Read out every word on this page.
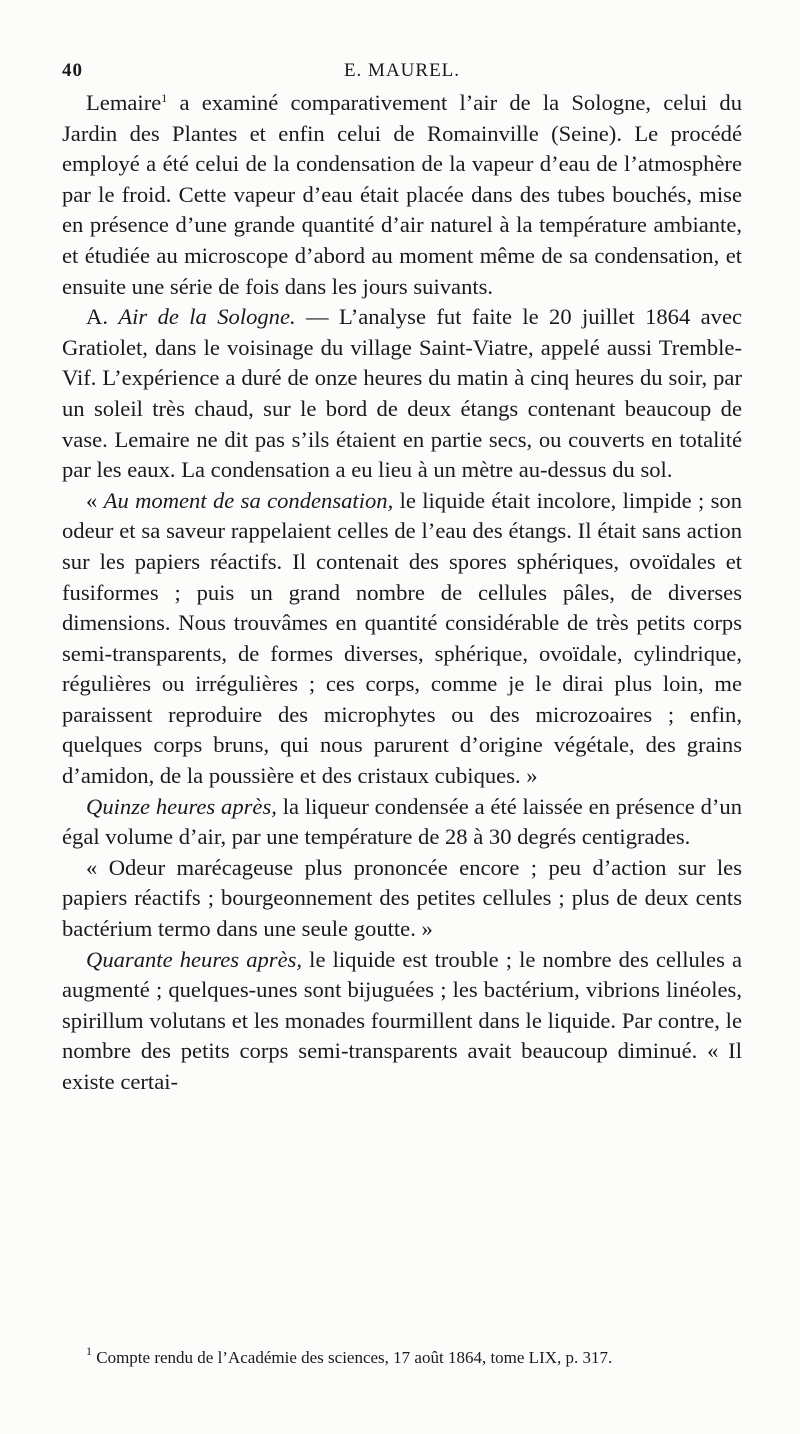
40	E. MAUREL.

Lemaire$^1$ a examiné comparativement l’air de la Sologne, celui du Jardin des Plantes et enfin celui de Romainville (Seine). Le procédé employé a été celui de la condensation de la vapeur d’eau de l’atmosphère par le froid. Cette vapeur d’eau était placée dans des tubes bouchés, mise en présence d’une grande quantité d’air naturel à la température ambiante, et étudiée au microscope d’abord au moment même de sa condensation, et ensuite une série de fois dans les jours suivants.

A. Air de la Sologne. — L’analyse fut faite le 20 juillet 1864 avec Gratiolet, dans le voisinage du village Saint-Viatre, appelé aussi Tremble-Vif. L’expérience a duré de onze heures du matin à cinq heures du soir, par un soleil très chaud, sur le bord de deux étangs contenant beaucoup de vase. Lemaire ne dit pas s’ils étaient en partie secs, ou couverts en totalité par les eaux. La condensation a eu lieu à un mètre au-dessus du sol.

« Au moment de sa condensation, le liquide était incolore, limpide ; son odeur et sa saveur rappelaient celles de l’eau des étangs. Il était sans action sur les papiers réactifs. Il contenait des spores sphériques, ovoïdales et fusiformes ; puis un grand nombre de cellules pâles, de diverses dimensions. Nous trouvâmes en quantité considérable de très petits corps semi-transparents, de formes diverses, sphérique, ovoïdale, cylindrique, régulières ou irrégulières ; ces corps, comme je le dirai plus loin, me paraissent reproduire des microphytes ou des microzoaires ; enfin, quelques corps bruns, qui nous parurent d’origine végétale, des grains d’amidon, de la poussière et des cristaux cubiques. »

Quinze heures après, la liqueur condensée a été laissée en présence d’un égal volume d’air, par une température de 28 à 30 degrés centigrades.

« Odeur marécageuse plus prononcée encore ; peu d’action sur les papiers réactifs ; bourgeonnement des petites cellules ; plus de deux cents bactérium termo dans une seule goutte. »

Quarante heures après, le liquide est trouble ; le nombre des cellules a augmenté ; quelques-unes sont bijuguées ; les bactérium, vibrions linéoles, spirillum volutans et les monades fourmillent dans le liquide. Par contre, le nombre des petits corps semi-transparents avait beaucoup diminué. « Il existe certai-

$^1$ Compte rendu de l’Académie des sciences, 17 août 1864, tome LIX, p. 317.
